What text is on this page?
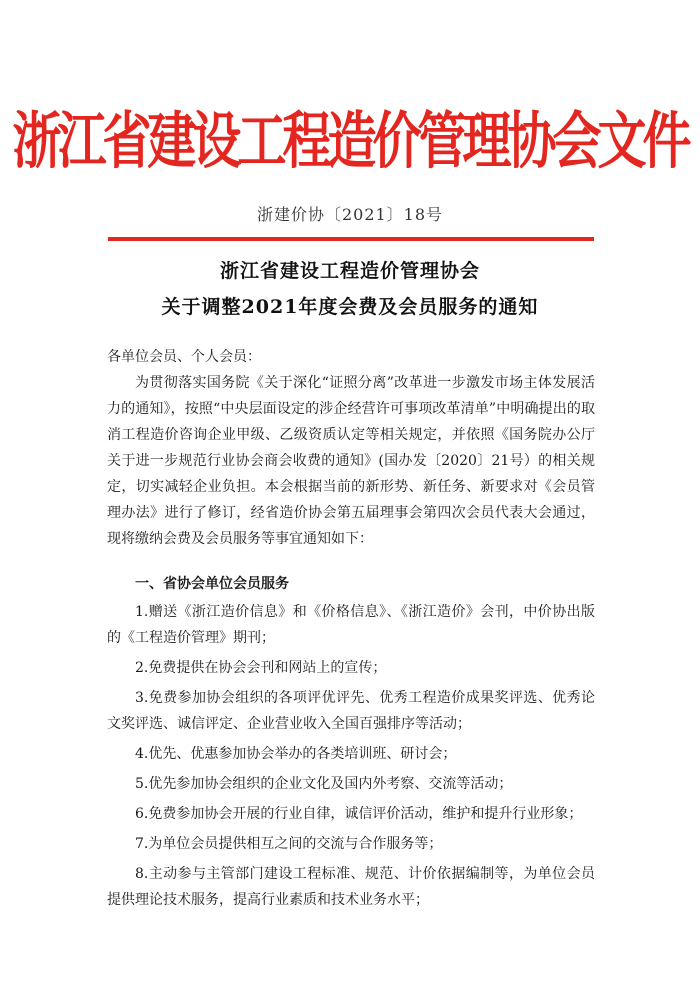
浙江省建设工程造价管理协会文件
浙建价协〔2021〕18号
浙江省建设工程造价管理协会
关于调整2021年度会费及会员服务的通知
各单位会员、个人会员：
为贯彻落实国务院《关于深化“证照分离”改革进一步激发市场主体发展活力的通知》，按照“中央层面设定的涉企经营许可事项改革清单”中明确提出的取消工程造价咨询企业甲级、乙级资质认定等相关规定，并依照《国务院办公厅关于进一步规范行业协会商会收费的通知》(国办发〔2020〕21号）的相关规定，切实减轻企业负担。本会根据当前的新形势、新任务、新要求对《会员管理办法》进行了修订，经省造价协会第五届理事会第四次会员代表大会通过，现将缴纳会费及会员服务等事宜通知如下：
一、省协会单位会员服务
1.赠送《浙江造价信息》和《价格信息》、《浙江造价》会刊，中价协出版的《工程造价管理》期刊；
2.免费提供在协会会刊和网站上的宣传；
3.免费参加协会组织的各项评优评先、优秀工程造价成果奖评选、优秀论文奖评选、诚信评定、企业营业收入全国百强排序等活动；
4.优先、优惠参加协会举办的各类培训班、研讨会；
5.优先参加协会组织的企业文化及国内外考察、交流等活动；
6.免费参加协会开展的行业自律，诚信评价活动，维护和提升行业形象；
7.为单位会员提供相互之间的交流与合作服务等；
8.主动参与主管部门建设工程标准、规范、计价依据编制等，为单位会员提供理论技术服务，提高行业素质和技术业务水平；
